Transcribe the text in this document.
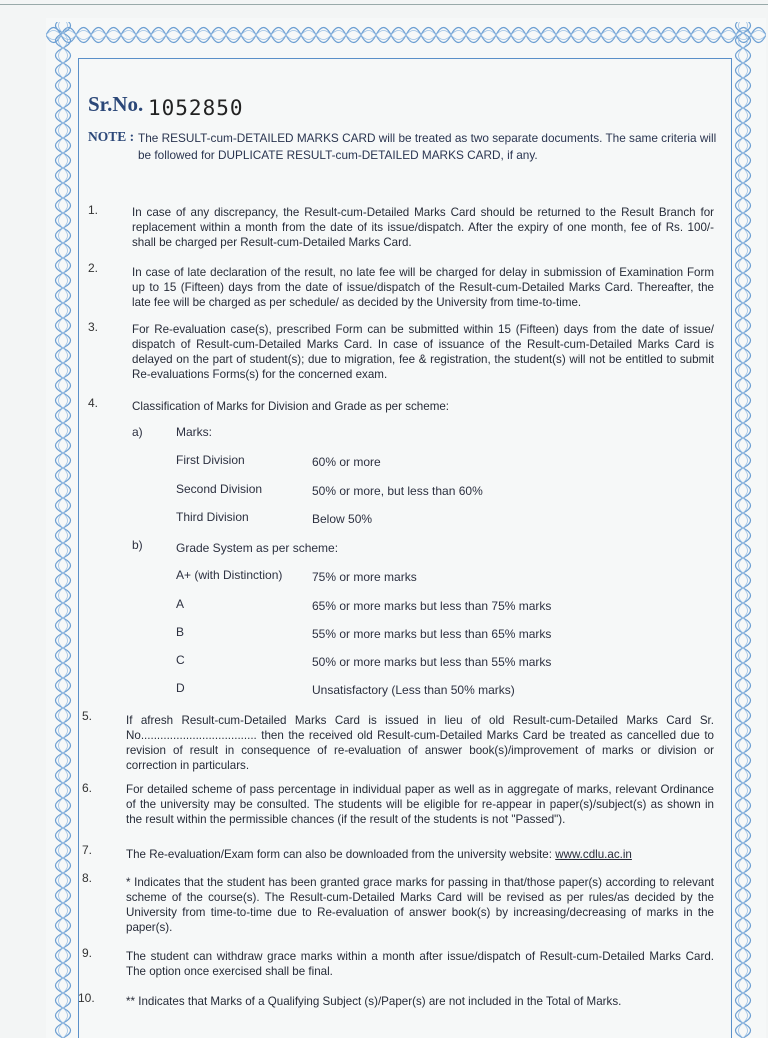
Sr.No. 1052850
NOTE : The RESULT-cum-DETAILED MARKS CARD will be treated as two separate documents. The same criteria will be followed for DUPLICATE RESULT-cum-DETAILED MARKS CARD, if any.
1.	In case of any discrepancy, the Result-cum-Detailed Marks Card should be returned to the Result Branch for replacement within a month from the date of its issue/dispatch. After the expiry of one month, fee of Rs. 100/- shall be charged per Result-cum-Detailed Marks Card.
2.	In case of late declaration of the result, no late fee will be charged for delay in submission of Examination Form up to 15 (Fifteen) days from the date of issue/dispatch of the Result-cum-Detailed Marks Card. Thereafter, the late fee will be charged as per schedule/ as decided by the University from time-to-time.
3.	For Re-evaluation case(s), prescribed Form can be submitted within 15 (Fifteen) days from the date of issue/ dispatch of Result-cum-Detailed Marks Card. In case of issuance of the Result-cum-Detailed Marks Card is delayed on the part of student(s); due to migration, fee & registration, the student(s) will not be entitled to submit Re-evaluations Forms(s) for the concerned exam.
4.	Classification of Marks for Division and Grade as per scheme:
a)	Marks:
First Division	60% or more
Second Division	50% or more, but less than 60%
Third Division	Below 50%
b)	Grade System as per scheme:
A+ (with Distinction) 75% or more marks
A	65% or more marks but less than 75% marks
B	55% or more marks but less than 65% marks
C	50% or more marks but less than 55% marks
D	Unsatisfactory (Less than 50% marks)
5.	If afresh Result-cum-Detailed Marks Card is issued in lieu of old Result-cum-Detailed Marks Card Sr. No.................................... then the received old Result-cum-Detailed Marks Card be treated as cancelled due to revision of result in consequence of re-evaluation of answer book(s)/improvement of marks or division or correction in particulars.
6.	For detailed scheme of pass percentage in individual paper as well as in aggregate of marks, relevant Ordinance of the university may be consulted. The students will be eligible for re-appear in paper(s)/subject(s) as shown in the result within the permissible chances (if the result of the students is not "Passed").
7.	The Re-evaluation/Exam form can also be downloaded from the university website: www.cdlu.ac.in
8.	* Indicates that the student has been granted grace marks for passing in that/those paper(s) according to relevant scheme of the course(s). The Result-cum-Detailed Marks Card will be revised as per rules/as decided by the University from time-to-time due to Re-evaluation of answer book(s) by increasing/decreasing of marks in the paper(s).
9.	The student can withdraw grace marks within a month after issue/dispatch of Result-cum-Detailed Marks Card. The option once exercised shall be final.
10.	** Indicates that Marks of a Qualifying Subject (s)/Paper(s) are not included in the Total of Marks.
